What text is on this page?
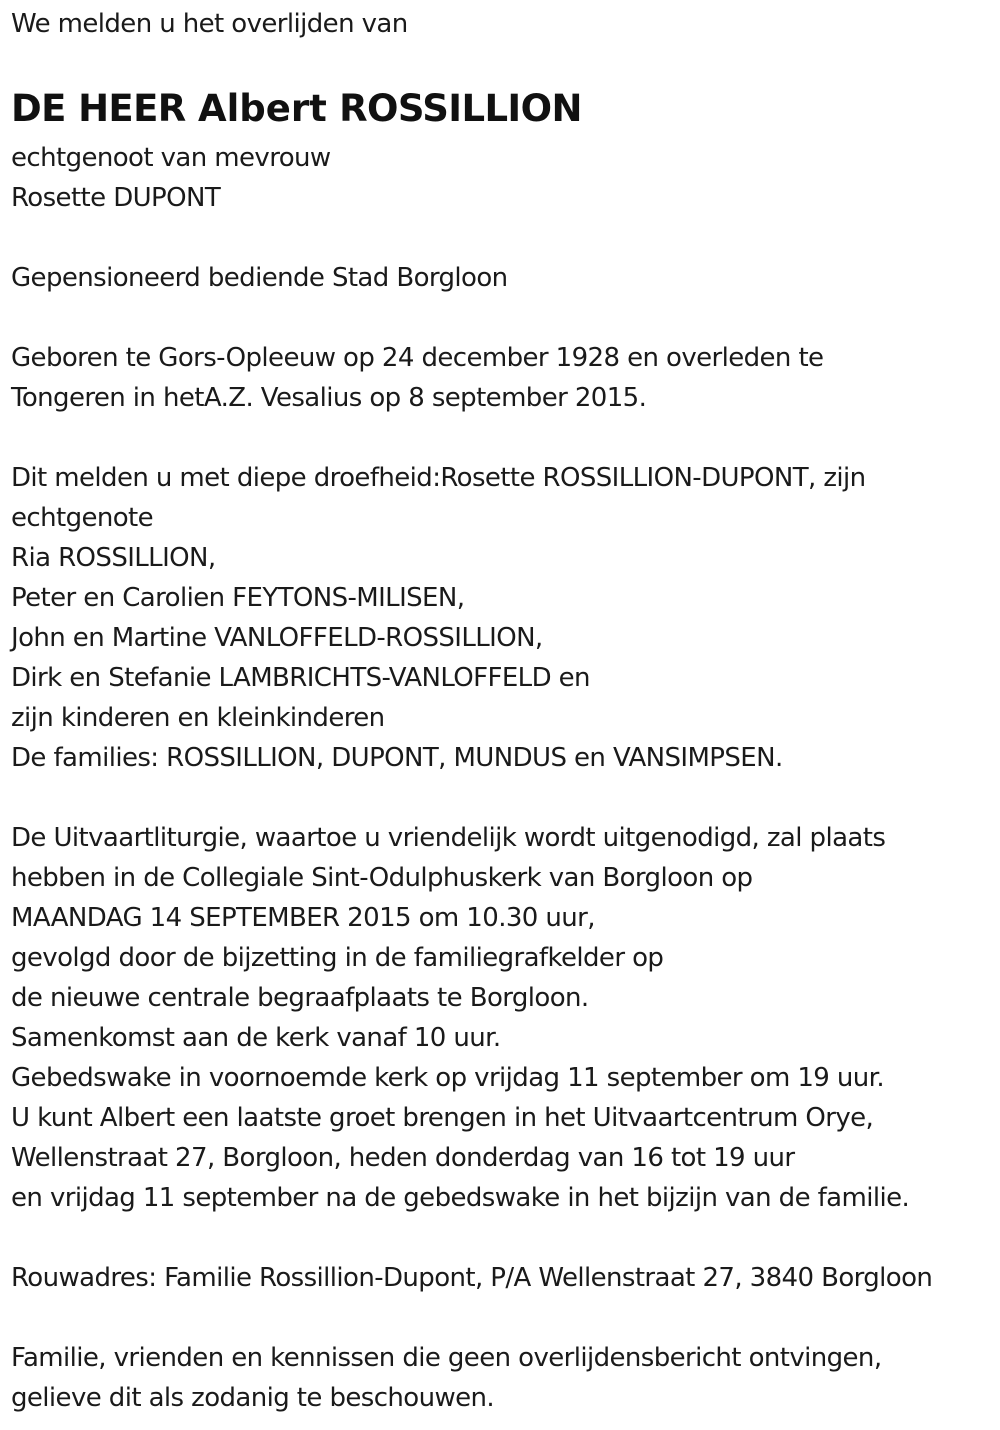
We melden u het overlijden van
DE HEER Albert ROSSILLION
echtgenoot van mevrouw
Rosette DUPONT
Gepensioneerd bediende Stad Borgloon
Geboren te Gors-Opleeuw op 24 december 1928 en overleden te
Tongeren in hetA.Z. Vesalius op 8 september 2015.
Dit melden u met diepe droefheid:Rosette ROSSILLION-DUPONT, zijn
echtgenote
Ria ROSSILLION,
Peter en Carolien FEYTONS-MILISEN,
John en Martine VANLOFFELD-ROSSILLION,
Dirk en Stefanie LAMBRICHTS-VANLOFFELD en
zijn kinderen en kleinkinderen
De families: ROSSILLION, DUPONT, MUNDUS en VANSIMPSEN.
De Uitvaartliturgie, waartoe u vriendelijk wordt uitgenodigd, zal plaats
hebben in de Collegiale Sint-Odulphuskerk van Borgloon op
MAANDAG 14 SEPTEMBER 2015 om 10.30 uur,
gevolgd door de bijzetting in de familiegrafkelder op
de nieuwe centrale begraafplaats te Borgloon.
Samenkomst aan de kerk vanaf 10 uur.
Gebedswake in voornoemde kerk op vrijdag 11 september om 19 uur.
U kunt Albert een laatste groet brengen in het Uitvaartcentrum Orye,
Wellenstraat 27, Borgloon, heden donderdag van 16 tot 19 uur
en vrijdag 11 september na de gebedswake in het bijzijn van de familie.
Rouwadres: Familie Rossillion-Dupont, P/A Wellenstraat 27, 3840 Borgloon
Familie, vrienden en kennissen die geen overlijdensbericht ontvingen,
gelieve dit als zodanig te beschouwen.
